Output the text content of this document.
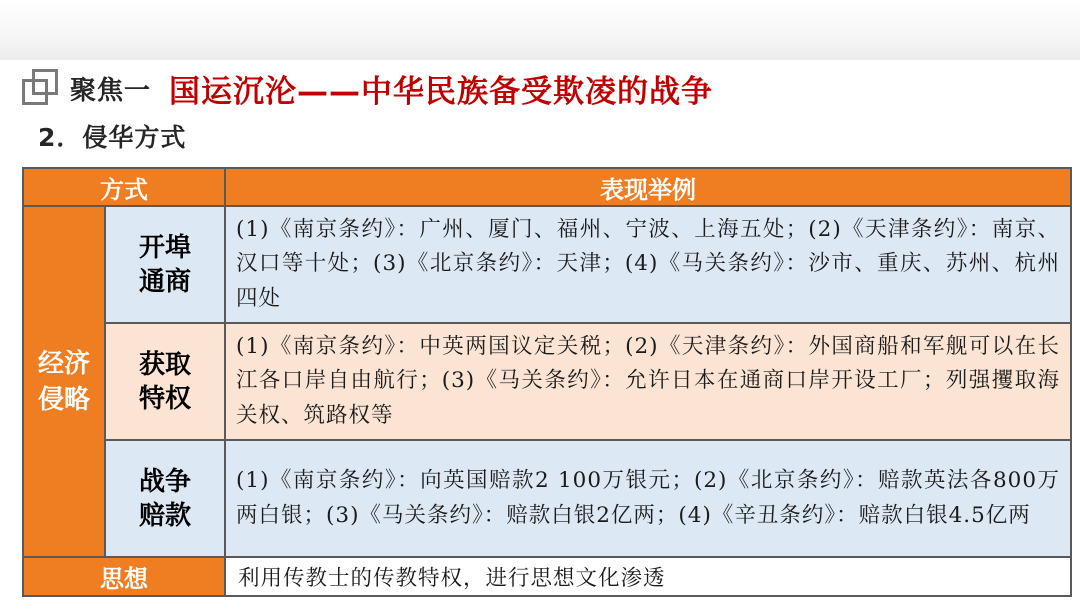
聚焦一 国运沉沦——中华民族备受欺凌的战争
2．侵华方式
方式		表现举例
经济侵略	开埠通商	(1)《南京条约》：广州、厦门、福州、宁波、上海五处；(2)《天津条约》：南京、汉口等十处；(3)《北京条约》：天津；(4)《马关条约》：沙市、重庆、苏州、杭州四处
	获取特权	(1)《南京条约》：中英两国议定关税；(2)《天津条约》：外国商船和军舰可以在长江各口岸自由航行；(3)《马关条约》：允许日本在通商口岸开设工厂；列强攫取海关权、筑路权等
	战争赔款	(1)《南京条约》：向英国赔款2 100万银元；(2)《北京条约》：赔款英法各800万两白银；(3)《马关条约》：赔款白银2亿两；(4)《辛丑条约》：赔款白银4.5亿两
思想		利用传教士的传教特权，进行思想文化渗透
